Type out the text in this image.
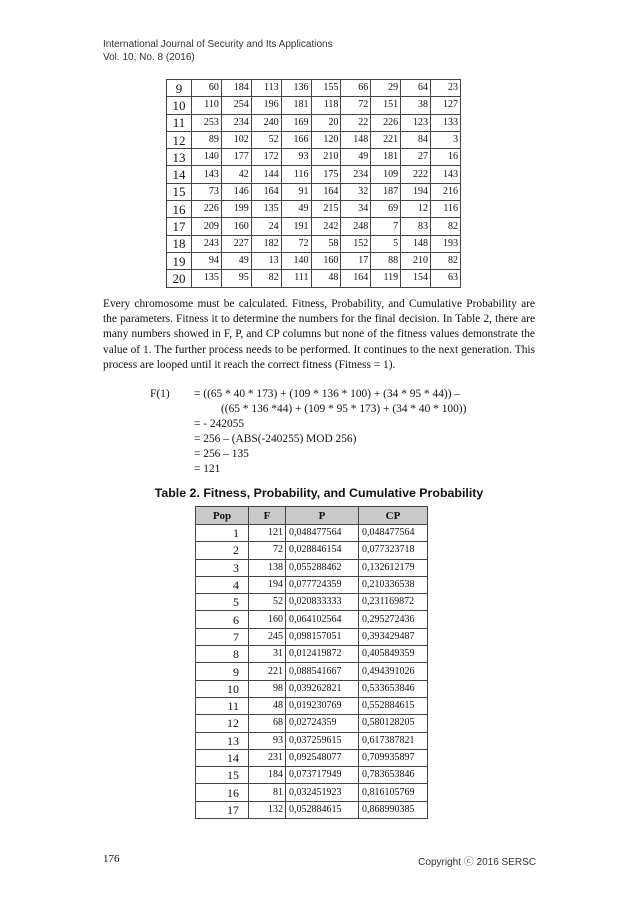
International Journal of Security and Its Applications
Vol. 10, No. 8 (2016)
9	60	184	113	136	155	66	29	64	23
10	110	254	196	181	118	72	151	38	127
11	253	234	240	169	20	22	226	123	133
12	89	102	52	166	120	148	221	84	3
13	140	177	172	93	210	49	181	27	16
14	143	42	144	116	175	234	109	222	143
15	73	146	164	91	164	32	187	194	216
16	226	199	135	49	215	34	69	12	116
17	209	160	24	191	242	248	7	83	82
18	243	227	182	72	58	152	5	148	193
19	94	49	13	140	160	17	88	210	82
20	135	95	82	111	48	164	119	154	63

Every chromosome must be calculated. Fitness, Probability, and Cumulative Probability are the parameters. Fitness it to determine the numbers for the final decision. In Table 2, there are many numbers showed in F, P, and CP columns but none of the fitness values demonstrate the value of 1. The further process needs to be performed. It continues to the next generation. This process are looped until it reach the correct fitness (Fitness = 1).

F(1) = ((65 * 40 * 173) + (109 * 136 * 100) + (34 * 95 * 44)) –
((65 * 136 *44) + (109 * 95 * 173) + (34 * 40 * 100))
= - 242055
= 256 – (ABS(-240255) MOD 256)
= 256 – 135
= 121
Table 2. Fitness, Probability, and Cumulative Probability
Pop	F	P	CP
1	121	0,048477564	0,048477564
2	72	0,028846154	0,077323718
3	138	0,055288462	0,132612179
4	194	0,077724359	0,210336538
5	52	0,020833333	0,231169872
6	160	0,064102564	0,295272436
7	245	0,098157051	0,393429487
8	31	0,012419872	0,405849359
9	221	0,088541667	0,494391026
10	98	0,039262821	0,533653846
11	48	0,019230769	0,552884615
12	68	0,02724359	0,580128205
13	93	0,037259615	0,617387821
14	231	0,092548077	0,709935897
15	184	0,073717949	0,783653846
16	81	0,032451923	0,816105769
17	132	0,052884615	0,868990385
176	Copyright ⓒ 2016 SERSC
